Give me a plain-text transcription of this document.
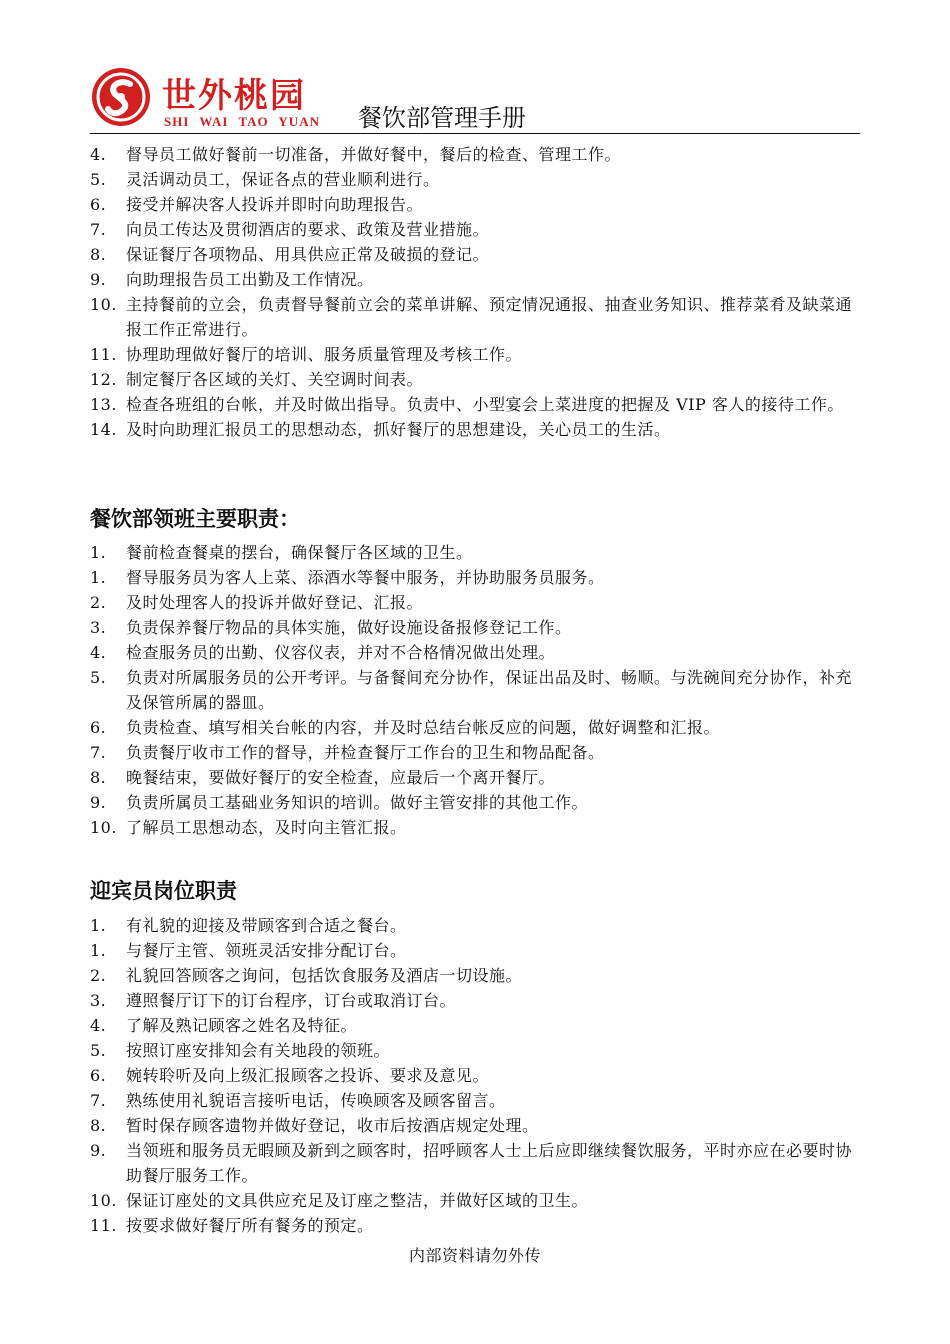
世外桃园
SHI WAI TAO YUAN 餐饮部管理手册
4.	督导员工做好餐前一切准备，并做好餐中，餐后的检查、管理工作。
5.	灵活调动员工，保证各点的营业顺利进行。
6.	接受并解决客人投诉并即时向助理报告。
7.	向员工传达及贯彻酒店的要求、政策及营业措施。
8.	保证餐厅各项物品、用具供应正常及破损的登记。
9.	向助理报告员工出勤及工作情况。
10. 主持餐前的立会，负责督导餐前立会的菜单讲解、预定情况通报、抽查业务知识、推荐菜肴及缺菜通报工作正常进行。
11. 协理助理做好餐厅的培训、服务质量管理及考核工作。
12. 制定餐厅各区域的关灯、关空调时间表。
13. 检查各班组的台帐，并及时做出指导。负责中、小型宴会上菜进度的把握及 VIP 客人的接待工作。
14. 及时向助理汇报员工的思想动态，抓好餐厅的思想建设，关心员工的生活。
餐饮部领班主要职责：
1.	餐前检查餐桌的摆台，确保餐厅各区域的卫生。
1.	督导服务员为客人上菜、添酒水等餐中服务，并协助服务员服务。
2.	及时处理客人的投诉并做好登记、汇报。
3.	负责保养餐厅物品的具体实施，做好设施设备报修登记工作。
4.	检查服务员的出勤、仪容仪表，并对不合格情况做出处理。
5.	负责对所属服务员的公开考评。与备餐间充分协作，保证出品及时、畅顺。与洗碗间充分协作，补充及保管所属的器皿。
6.	负责检查、填写相关台帐的内容，并及时总结台帐反应的问题，做好调整和汇报。
7.	负责餐厅收市工作的督导，并检查餐厅工作台的卫生和物品配备。
8.	晚餐结束，要做好餐厅的安全检查，应最后一个离开餐厅。
9.	负责所属员工基础业务知识的培训。做好主管安排的其他工作。
10. 了解员工思想动态，及时向主管汇报。
迎宾员岗位职责
1.	有礼貌的迎接及带顾客到合适之餐台。
1.	与餐厅主管、领班灵活安排分配订台。
2.	礼貌回答顾客之询问，包括饮食服务及酒店一切设施。
3.	遵照餐厅订下的订台程序，订台或取消订台。
4.	了解及熟记顾客之姓名及特征。
5.	按照订座安排知会有关地段的领班。
6.	婉转聆听及向上级汇报顾客之投诉、要求及意见。
7.	熟练使用礼貌语言接听电话，传唤顾客及顾客留言。
8.	暂时保存顾客遗物并做好登记，收市后按酒店规定处理。
9.	当领班和服务员无暇顾及新到之顾客时，招呼顾客人士上后应即继续餐饮服务，平时亦应在必要时协助餐厅服务工作。
10. 保证订座处的文具供应充足及订座之整洁，并做好区域的卫生。
11. 按要求做好餐厅所有餐务的预定。
内部资料请勿外传
